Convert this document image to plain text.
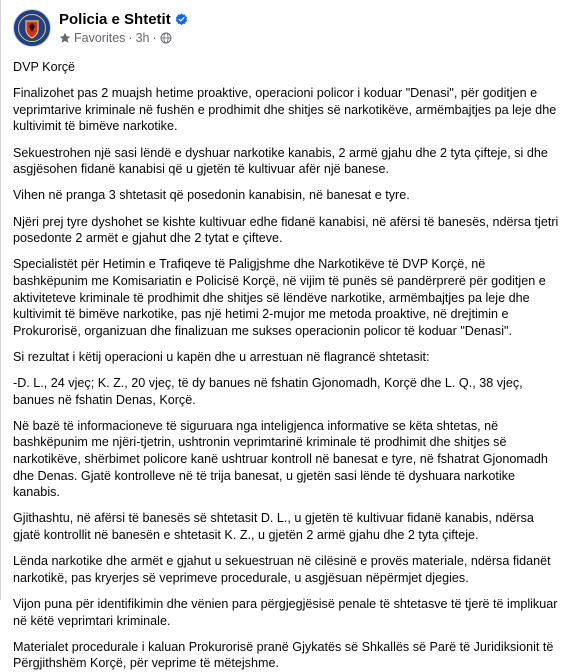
Policia e Shtetit
Favorites · 3h ·

DVP Korçë

Finalizohet pas 2 muajsh hetime proaktive, operacioni policor i koduar "Denasi", për goditjen e veprimtarive kriminale në fushën e prodhimit dhe shitjes së narkotikëve, armëmbajtjes pa leje dhe kultivimit të bimëve narkotike.

Sekuestrohen një sasi lëndë e dyshuar narkotike kanabis, 2 armë gjahu dhe 2 tyta çifteje, si dhe asgjësohen fidanë kanabisi që u gjetën të kultivuar afër një banese.

Vihen në pranga 3 shtetasit që posedonin kanabisin, në banesat e tyre.

Njëri prej tyre dyshohet se kishte kultivuar edhe fidanë kanabisi, në afërsi të banesës, ndërsa tjetri posedonte 2 armët e gjahut dhe 2 tytat e çifteve.

Specialistët për Hetimin e Trafiqeve të Paligjshme dhe Narkotikëve të DVP Korçë, në bashkëpunim me Komisariatin e Policisë Korçë, në vijim të punës së pandërprerë për goditjen e aktiviteteve kriminale të prodhimit dhe shitjes së lëndëve narkotike, armëmbajtjes pa leje dhe kultivimit të bimëve narkotike, pas një hetimi 2-mujor me metoda proaktive, në drejtimin e Prokurorisë, organizuan dhe finalizuan me sukses operacionin policor të koduar "Denasi".

Si rezultat i këtij operacioni u kapën dhe u arrestuan në flagrancë shtetasit:

-D. L., 24 vjeç; K. Z., 20 vjeç, të dy banues në fshatin Gjonomadh, Korçë dhe L. Q., 38 vjeç, banues në fshatin Denas, Korçë.

Në bazë të informacioneve të siguruara nga inteligjenca informative se këta shtetas, në bashkëpunim me njëri-tjetrin, ushtronin veprimtarinë kriminale të prodhimit dhe shitjes së narkotikëve, shërbimet policore kanë ushtruar kontroll në banesat e tyre, në fshatrat Gjonomadh dhe Denas. Gjatë kontrolleve në të trija banesat, u gjetën sasi lënde të dyshuara narkotike kanabis.

Gjithashtu, në afërsi të banesës së shtetasit D. L., u gjetën të kultivuar fidanë kanabis, ndërsa gjatë kontrollit në banesën e shtetasit K. Z., u gjetën 2 armë gjahu dhe 2 tyta çifteje.

Lënda narkotike dhe armët e gjahut u sekuestruan në cilësinë e provës materiale, ndërsa fidanët narkotikë, pas kryerjes së veprimeve procedurale, u asgjësuan nëpërmjet djegies.

Vijon puna për identifikimin dhe vënien para përgjegjësisë penale të shtetasve të tjerë të implikuar në këtë veprimtari kriminale.

Materialet procedurale i kaluan Prokurorisë pranë Gjykatës së Shkallës së Parë të Juridiksionit të Përgjithshëm Korçë, për veprime të mëtejshme.
